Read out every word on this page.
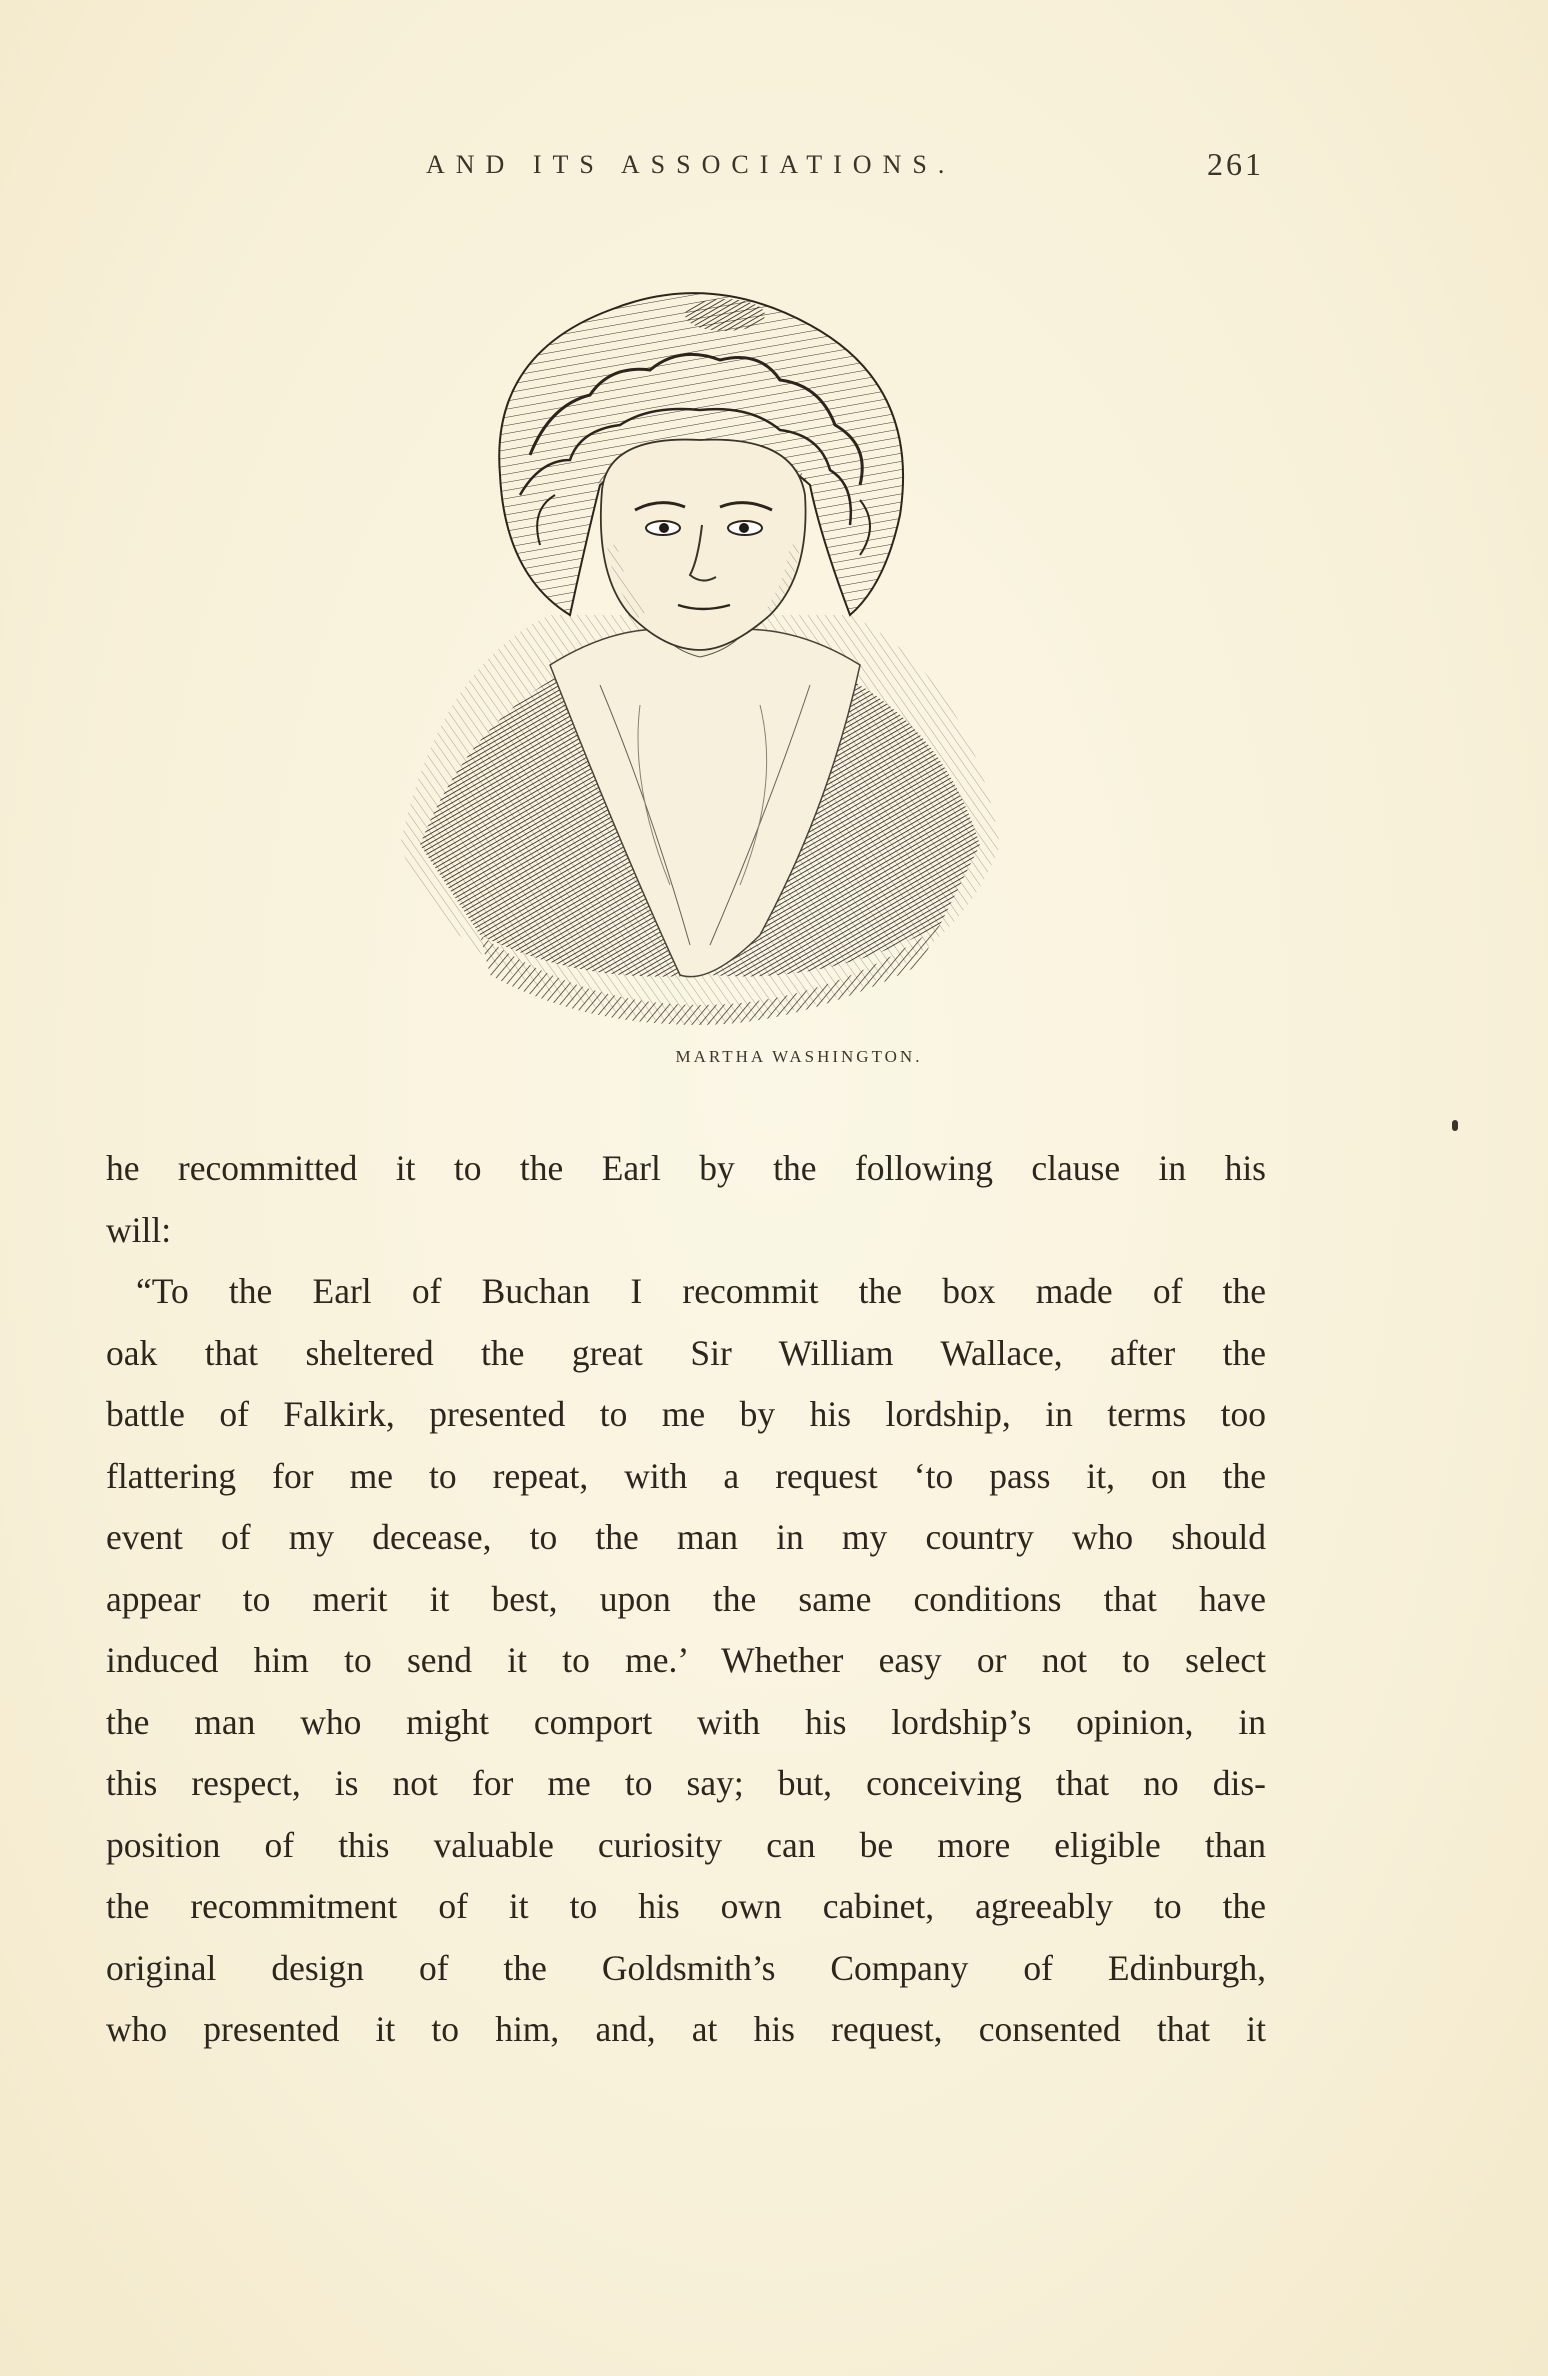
AND ITS ASSOCIATIONS.	261
MARTHA WASHINGTON.
he recommitted it to the Earl by the following clause in his
will:
“To the Earl of Buchan I recommit the box made of the
oak that sheltered the great Sir William Wallace, after the
battle of Falkirk, presented to me by his lordship, in terms too
flattering for me to repeat, with a request ‘to pass it, on the
event of my decease, to the man in my country who should
appear to merit it best, upon the same conditions that have
induced him to send it to me.’ Whether easy or not to select
the man who might comport with his lordship’s opinion, in
this respect, is not for me to say; but, conceiving that no dis-
position of this valuable curiosity can be more eligible than
the recommitment of it to his own cabinet, agreeably to the
original design of the Goldsmith’s Company of Edinburgh,
who presented it to him, and, at his request, consented that it
